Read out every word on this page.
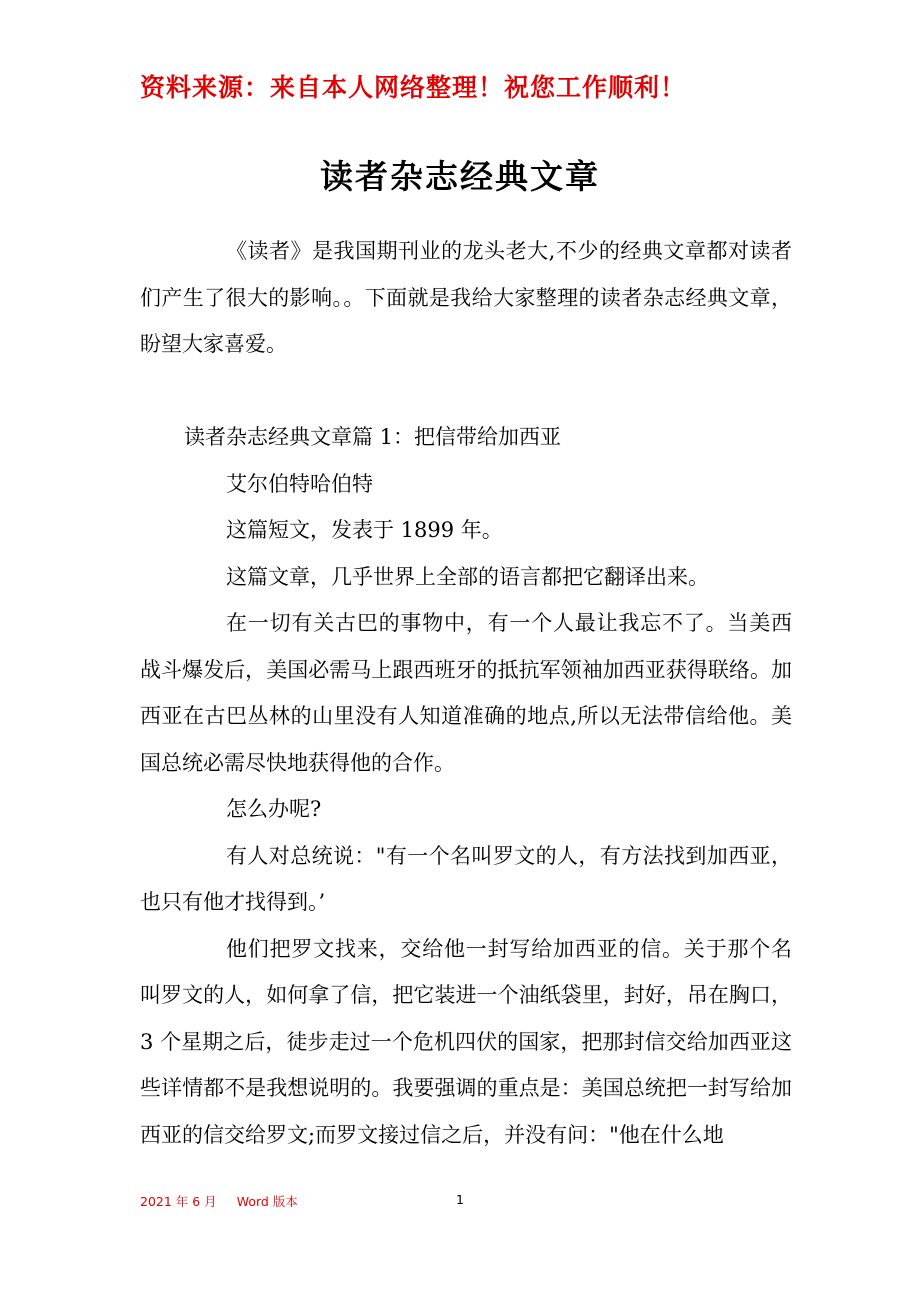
资料来源：来自本人网络整理！祝您工作顺利！
读者杂志经典文章

《读者》是我国期刊业的龙头老大,不少的经典文章都对读者们产生了很大的影响。。下面就是我给大家整理的读者杂志经典文章，盼望大家喜爱。

读者杂志经典文章篇 1：把信带给加西亚

艾尔伯特哈伯特

这篇短文，发表于 1899 年。

这篇文章，几乎世界上全部的语言都把它翻译出来。

在一切有关古巴的事物中，有一个人最让我忘不了。当美西战斗爆发后，美国必需马上跟西班牙的抵抗军领袖加西亚获得联络。加西亚在古巴丛林的山里没有人知道准确的地点,所以无法带信给他。美国总统必需尽快地获得他的合作。

怎么办呢?

有人对总统说："有一个名叫罗文的人，有方法找到加西亚，也只有他才找得到。’

他们把罗文找来，交给他一封写给加西亚的信。关于那个名叫罗文的人，如何拿了信，把它装进一个油纸袋里，封好，吊在胸口，3 个星期之后，徒步走过一个危机四伏的国家，把那封信交给加西亚这些详情都不是我想说明的。我要强调的重点是：美国总统把一封写给加西亚的信交给罗文;而罗文接过信之后，并没有问："他在什么地

2021 年 6 月 Word 版本	1
